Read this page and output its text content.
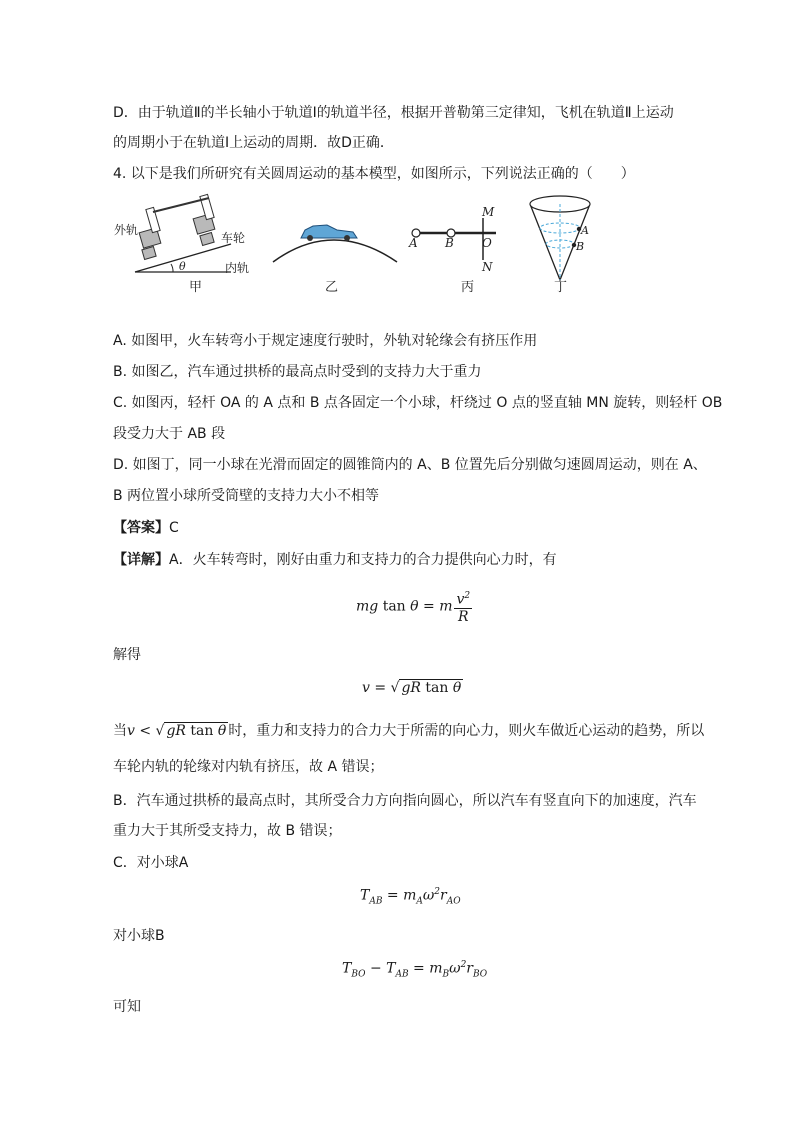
D．由于轨道Ⅱ的半长轴小于轨道Ⅰ的轨道半径，根据开普勒第三定律知，飞机在轨道Ⅱ上运动
的周期小于在轨道Ⅰ上运动的周期．故D正确．
4. 以下是我们所研究有关圆周运动的基本模型，如图所示，下列说法正确的（　　）
外轨
车轮
内轨
θ
甲	乙
A B O
M
N
丙
A
B
丁
A. 如图甲，火车转弯小于规定速度行驶时，外轨对轮缘会有挤压作用
B. 如图乙，汽车通过拱桥的最高点时受到的支持力大于重力
C. 如图丙，轻杆 OA 的 A 点和 B 点各固定一个小球，杆绕过 O 点的竖直轴 MN 旋转，则轻杆 OB
段受力大于 AB 段
D. 如图丁，同一小球在光滑而固定的圆锥筒内的 A、B 位置先后分别做匀速圆周运动，则在 A、
B 两位置小球所受筒壁的支持力大小不相等
【答案】C
【详解】A．火车转弯时，刚好由重力和支持力的合力提供向心力时，有
mg tan θ = m $\frac{v^2}{R}$
解得
v = √ gR tan θ
当v < √ gR tan θ 时，重力和支持力的合力大于所需的向心力，则火车做近心运动的趋势，所以
车轮内轨的轮缘对内轨有挤压，故 A 错误；
B．汽车通过拱桥的最高点时，其所受合力方向指向圆心，所以汽车有竖直向下的加速度，汽车
重力大于其所受支持力，故 B 错误；
C．对小球A
$T_{AB} = m_A\omega^2r_{AO}$
对小球B
$T_{BO} - T_{AB} = m_B\omega^2r_{BO}$
可知
